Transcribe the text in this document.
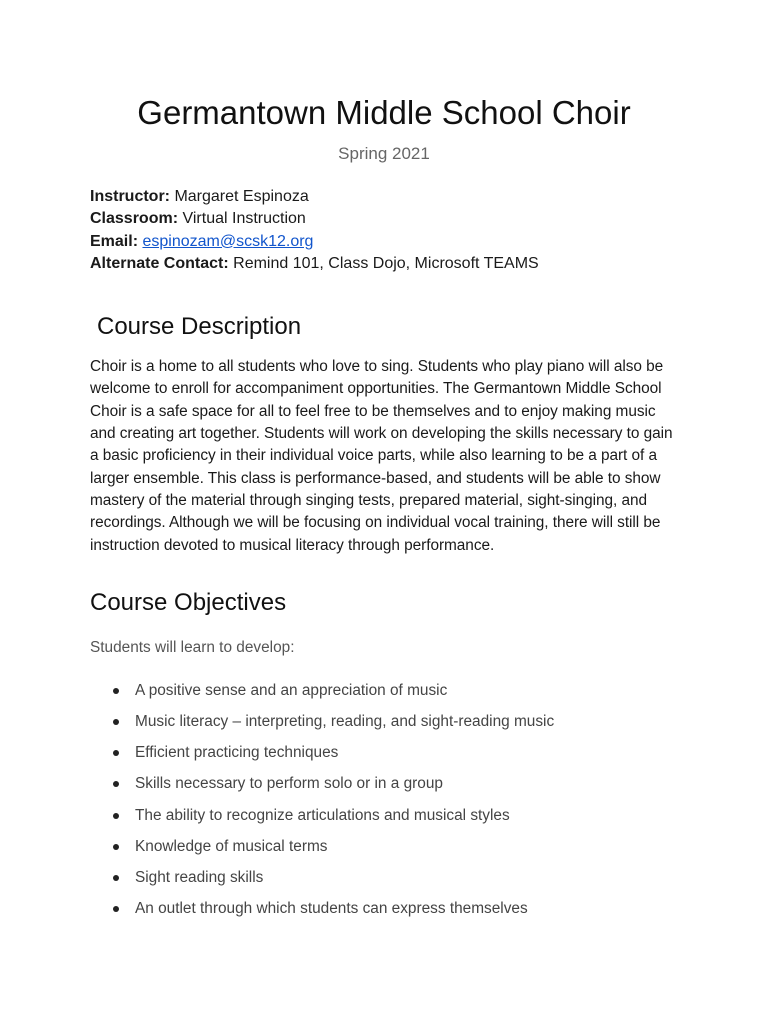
Germantown Middle School Choir

Spring 2021

Instructor: Margaret Espinoza
Classroom: Virtual Instruction
Email: espinozam@scsk12.org
Alternate Contact: Remind 101, Class Dojo, Microsoft TEAMS
Course Description

Choir is a home to all students who love to sing. Students who play piano will also be welcome to enroll for accompaniment opportunities. The Germantown Middle School Choir is a safe space for all to feel free to be themselves and to enjoy making music and creating art together. Students will work on developing the skills necessary to gain a basic proficiency in their individual voice parts, while also learning to be a part of a larger ensemble. This class is performance-based, and students will be able to show mastery of the material through singing tests, prepared material, sight-singing, and recordings. Although we will be focusing on individual vocal training, there will still be instruction devoted to musical literacy through performance.

Course Objectives

Students will learn to develop:

A positive sense and an appreciation of music
Music literacy – interpreting, reading, and sight-reading music
Efficient practicing techniques
Skills necessary to perform solo or in a group
The ability to recognize articulations and musical styles
Knowledge of musical terms
Sight reading skills
An outlet through which students can express themselves
